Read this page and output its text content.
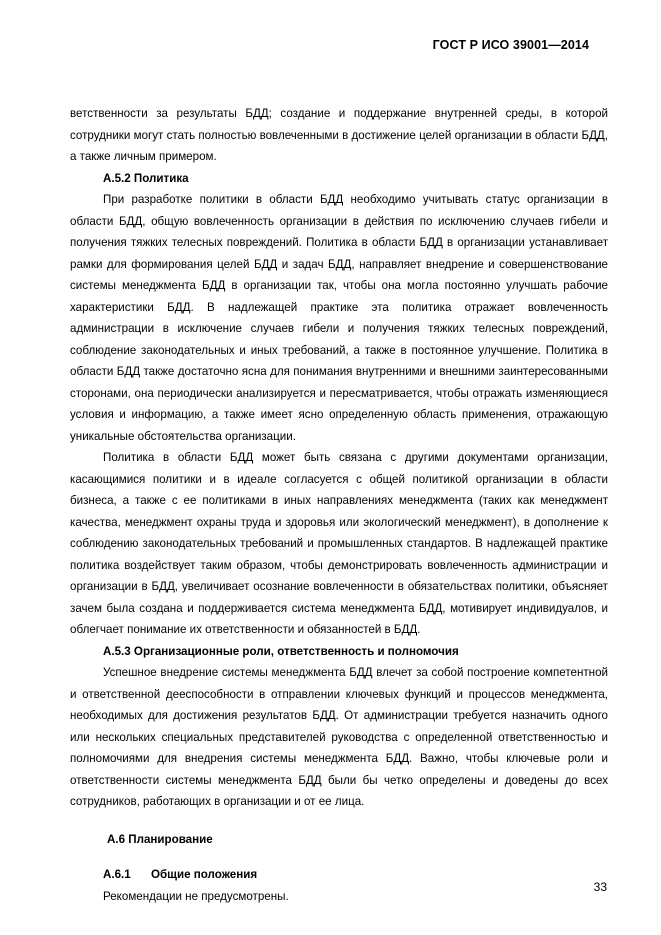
ГОСТ Р ИСО 39001—2014

ветственности за результаты БДД; создание и поддержание внутренней среды, в которой сотрудники могут стать полностью вовлеченными в достижение целей организации в области БДД, а также личным примером.

А.5.2 Политика

При разработке политики в области БДД необходимо учитывать статус организации в области БДД, общую вовлеченность организации в действия по исключению случаев гибели и получения тяжких телесных повреждений. Политика в области БДД в организации устанавливает рамки для формирования целей БДД и задач БДД, направляет внедрение и совершенствование системы менеджмента БДД в организации так, чтобы она могла постоянно улучшать рабочие характеристики БДД. В надлежащей практике эта политика отражает вовлеченность администрации в исключение случаев гибели и получения тяжких телесных повреждений, соблюдение законодательных и иных требований, а также в постоянное улучшение. Политика в области БДД также достаточно ясна для понимания внутренними и внешними заинтересованными сторонами, она периодически анализируется и пересматривается, чтобы отражать изменяющиеся условия и информацию, а также имеет ясно определенную область применения, отражающую уникальные обстоятельства организации.

Политика в области БДД может быть связана с другими документами организации, касающимися политики и в идеале согласуется с общей политикой организации в области бизнеса, а также с ее политиками в иных направлениях менеджмента (таких как менеджмент качества, менеджмент охраны труда и здоровья или экологический менеджмент), в дополнение к соблюдению законодательных требований и промышленных стандартов. В надлежащей практике политика воздействует таким образом, чтобы демонстрировать вовлеченность администрации и организации в БДД, увеличивает осознание вовлеченности в обязательствах политики, объясняет зачем была создана и поддерживается система менеджмента БДД, мотивирует индивидуалов, и облегчает понимание их ответственности и обязанностей в БДД.

А.5.3 Организационные роли, ответственность и полномочия

Успешное внедрение системы менеджмента БДД влечет за собой построение компетентной и ответственной дееспособности в отправлении ключевых функций и процессов менеджмента, необходимых для достижения результатов БДД. От администрации требуется назначить одного или нескольких специальных представителей руководства с определенной ответственностью и полномочиями для внедрения системы менеджмента БДД. Важно, чтобы ключевые роли и ответственности системы менеджмента БДД были бы четко определены и доведены до всех сотрудников, работающих в организации и от ее лица.

А.6 Планирование

А.6.1 Общие положения

Рекомендации не предусмотрены.

33
